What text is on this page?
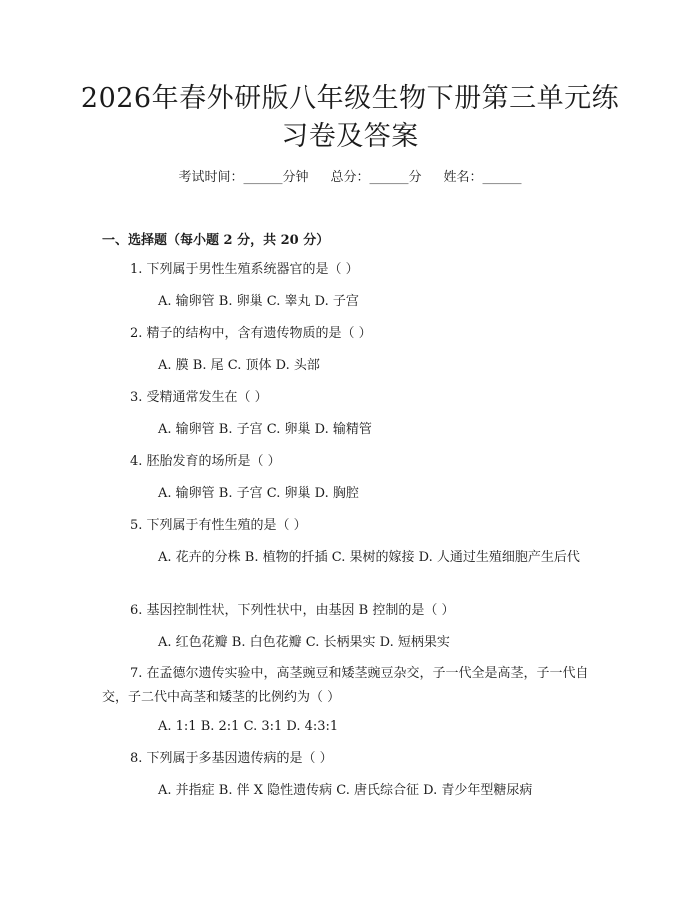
2026年春外研版八年级生物下册第三单元练习卷及答案
考试时间：______分钟 总分：______分 姓名：______
一、选择题（每小题 2 分，共 20 分）
1. 下列属于男性生殖系统器官的是（ ）
A. 输卵管 B. 卵巢 C. 睾丸 D. 子宫
2. 精子的结构中，含有遗传物质的是（ ）
A. 膜 B. 尾 C. 顶体 D. 头部
3. 受精通常发生在（ ）
A. 输卵管 B. 子宫 C. 卵巢 D. 输精管
4. 胚胎发育的场所是（ ）
A. 输卵管 B. 子宫 C. 卵巢 D. 胸腔
5. 下列属于有性生殖的是（ ）
A. 花卉的分株 B. 植物的扦插 C. 果树的嫁接 D. 人通过生殖细胞产生后代
6. 基因控制性状，下列性状中，由基因 B 控制的是（ ）
A. 红色花瓣 B. 白色花瓣 C. 长柄果实 D. 短柄果实
7. 在孟德尔遗传实验中，高茎豌豆和矮茎豌豆杂交，子一代全是高茎，子一代自交，子二代中高茎和矮茎的比例约为（ ）
A. 1:1 B. 2:1 C. 3:1 D. 4:3:1
8. 下列属于多基因遗传病的是（ ）
A. 并指症 B. 伴 X 隐性遗传病 C. 唐氏综合征 D. 青少年型糖尿病
